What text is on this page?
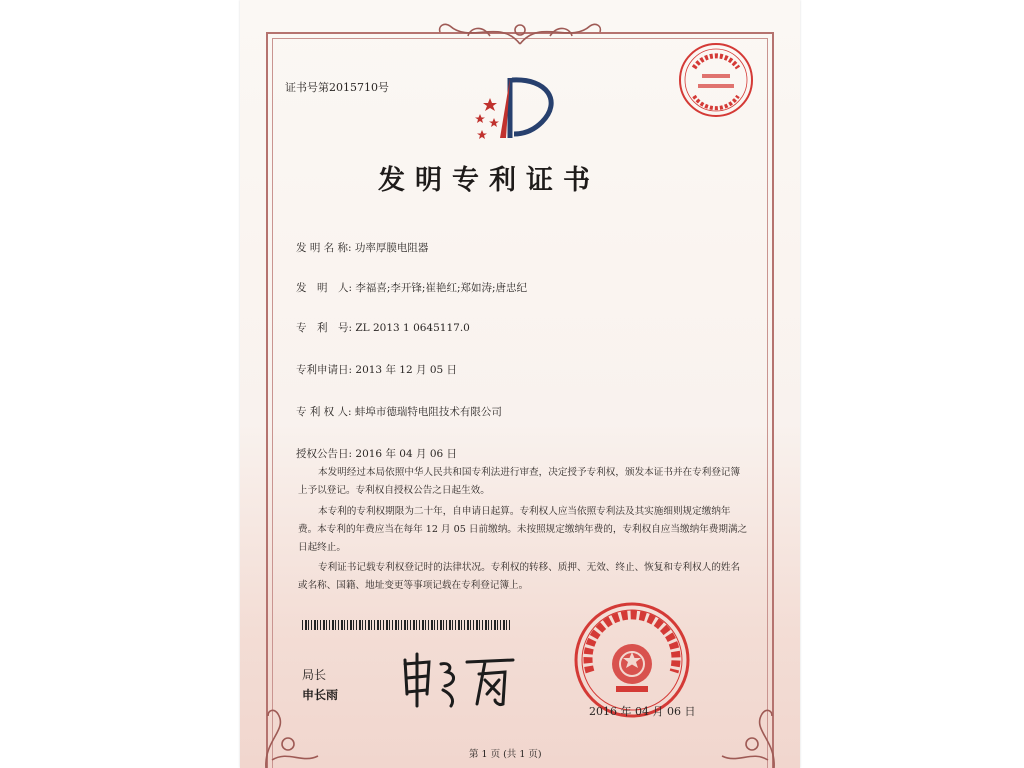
证书号第2015710号
发明专利证书
发 明 名 称: 功率厚膜电阻器
发　明　人: 李福喜;李开锋;崔艳红;郑如涛;唐忠纪
专　利　号: ZL 2013 1 0645117.0
专利申请日: 2013 年 12 月 05 日
专 利 权 人: 蚌埠市德瑞特电阻技术有限公司
授权公告日: 2016 年 04 月 06 日
本发明经过本局依照中华人民共和国专利法进行审查，决定授予专利权，颁发本证书并在专利登记簿上予以登记。专利权自授权公告之日起生效。
本专利的专利权期限为二十年，自申请日起算。专利权人应当依照专利法及其实施细则规定缴纳年费。本专利的年费应当在每年 12 月 05 日前缴纳。未按照规定缴纳年费的，专利权自应当缴纳年费期满之日起终止。
专利证书记载专利权登记时的法律状况。专利权的转移、质押、无效、终止、恢复和专利权人的姓名或名称、国籍、地址变更等事项记载在专利登记簿上。
局长
申长雨
2016 年 04 月 06 日
第 1 页 (共 1 页)
